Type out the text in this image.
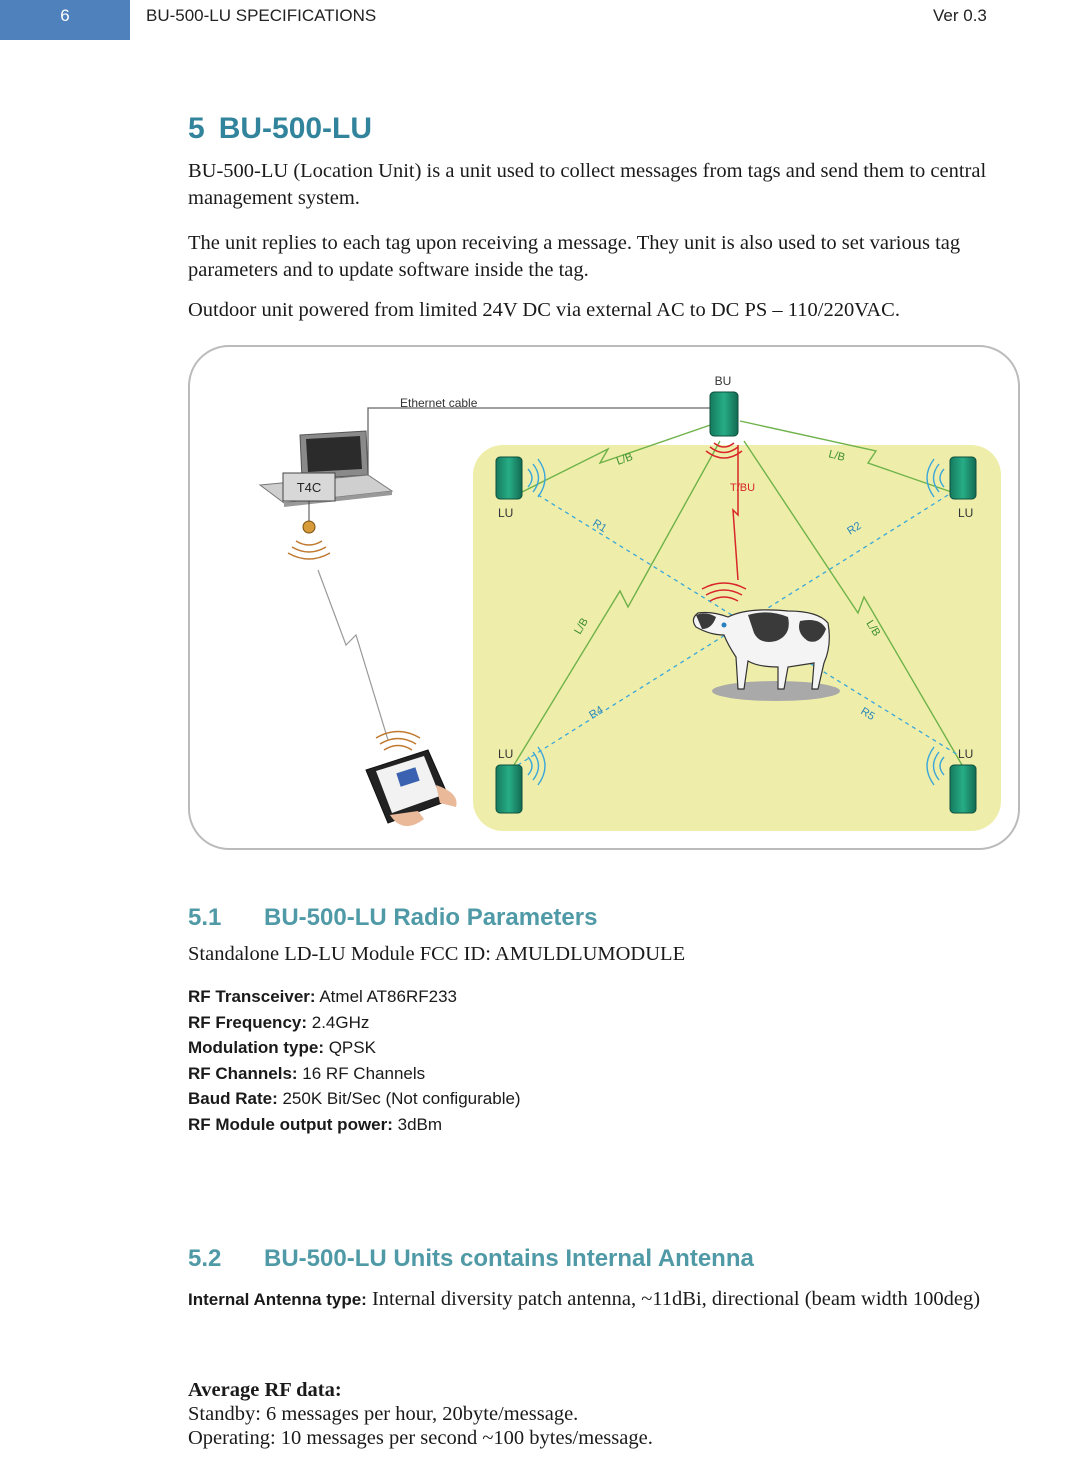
6	BU-500-LU SPECIFICATIONS	Ver 0.3
5 BU-500-LU

BU-500-LU (Location Unit) is a unit used to collect messages from tags and send them to central management system.

The unit replies to each tag upon receiving a message. They unit is also used to set various tag parameters and to update software inside the tag.

Outdoor unit powered from limited 24V DC via external AC to DC PS – 110/220VAC.

Ethernet cable
T4C	T/BU
L/B	L/B
L/B	L/B
R1	R2
R4	R5
BU
LU	LU
LU	LU
5.1 BU-500-LU Radio Parameters

Standalone LD-LU Module FCC ID: AMULDLUMODULE

RF Transceiver: Atmel AT86RF233
RF Frequency: 2.4GHz
Modulation type: QPSK
RF Channels: 16 RF Channels
Baud Rate: 250K Bit/Sec (Not configurable)
RF Module output power: 3dBm
5.2 BU-500-LU Units contains Internal Antenna
Internal Antenna type: Internal diversity patch antenna, ~11dBi, directional (beam width 100deg)
Average RF data:
Standby: 6 messages per hour, 20byte/message.
Operating: 10 messages per second ~100 bytes/message.
